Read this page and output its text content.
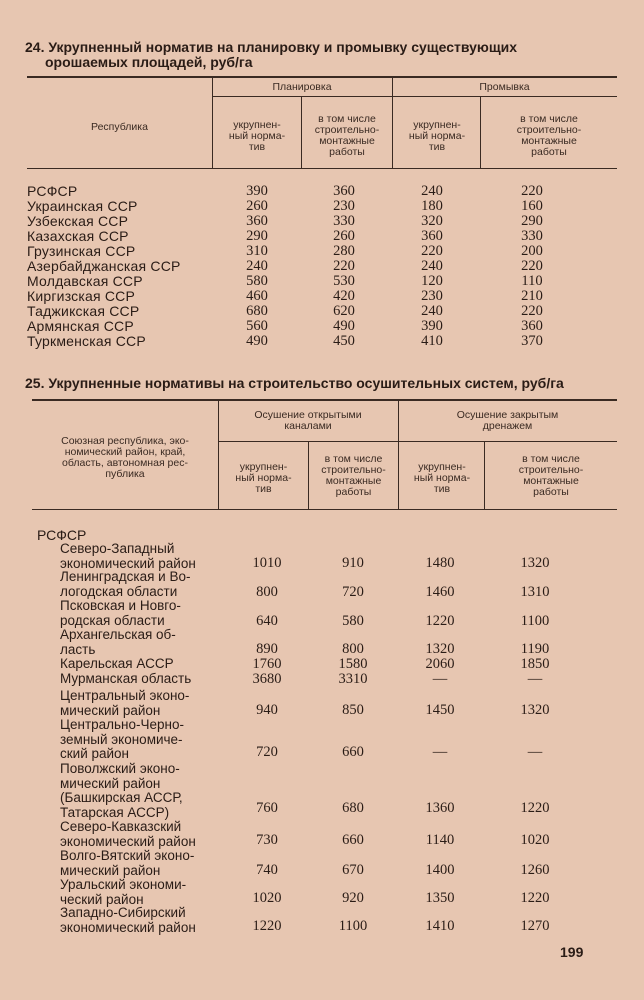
24. Укрупненный норматив на планировку и промывку существующих
орошаемых площадей, руб/га
Республика
Планировка	Промывка
укрупнен-
ный норма-
тив
в том числе
строительно-
монтажные
работы
укрупнен-
ный норма-
тив
в том числе
строительно-
монтажные
работы
РСФСР	390	360	240	220
Украинская ССР	260	230	180	160
Узбекская ССР	360	330	320	290
Казахская ССР	290	260	360	330
Грузинская ССР	310	280	220	200
Азербайджанская ССР	240	220	240	220
Молдавская ССР	580	530	120	110
Киргизская ССР	460	420	230	210
Таджикская ССР	680	620	240	220
Армянская ССР	560	490	390	360
Туркменская ССР	490	450	410	370
25. Укрупненные нормативы на строительство осушительных систем, руб/га
Союзная республика, эко-
номический район, край,
область, автономная рес-
публика
Осушение открытыми
каналами
Осушение закрытым
дренажем
укрупнен-
ный норма-
тив
в том числе
строительно-
монтажные
работы
укрупнен-
ный норма-
тив
в том числе
строительно-
монтажные
работы
РСФСР
Северо-Западный
экономический район	1010	910	1480	1320
Ленинградская и Во-
логодская области	800	720	1460	1310
Псковская и Новго-
родская области	640	580	1220	1100
Архангельская об-
ласть	890	800	1320	1190
Карельская АССР	1760	1580	2060	1850
Мурманская область	3680	3310	—	—
Центральный эконо-
мический район	940	850	1450	1320
Центрально-Черно-
земный экономиче-
ский район	720	660	—	—
Поволжский эконо-
мический район
(Башкирская АССР,
Татарская АССР)	760	680	1360	1220
Северо-Кавказский
экономический район	730	660	1140	1020
Волго-Вятский эконо-
мический район	740	670	1400	1260
Уральский экономи-
ческий район	1020	920	1350	1220
Западно-Сибирский
экономический район	1220	1100	1410	1270
199
